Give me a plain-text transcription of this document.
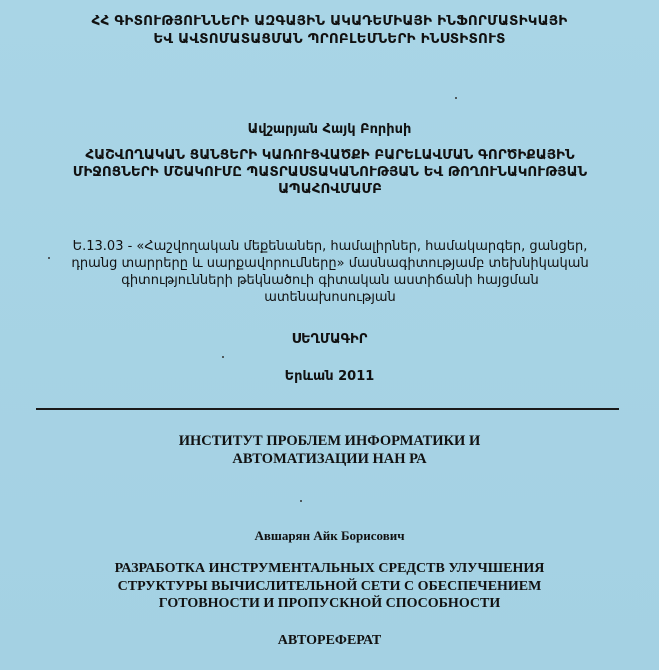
ՀՀ ԳԻՏՈՒԹՅՈՒՆՆԵՐԻ ԱԶԳԱՅԻՆ ԱԿԱԴԵՄԻԱՅԻ ԻՆՖՈՐՄԱՏԻԿԱՅԻ
ԵՎ ԱՎՏՈՄԱՏԱՑՄԱՆ ՊՐՈԲԼԵՄՆԵՐԻ ԻՆՍՏԻՏՈՒՏ
Ավշարյան Հայկ Բորիսի
ՀԱՇՎՈՂԱԿԱՆ ՑԱՆՑԵՐԻ ԿԱՌՈՒՑՎԱԾՔԻ ԲԱՐԵԼԱՎՄԱՆ ԳՈՐԾԻՔԱՅԻՆ
ՄԻՋՈՑՆԵՐԻ ՄՇԱԿՈՒՄԸ ՊԱՏՐԱՍՏԱԿԱՆՈՒԹՅԱՆ ԵՎ ԹՈՂՈՒՆԱԿՈՒԹՅԱՆ
ԱՊԱՀՈՎՄԱՄԲ
Ե.13.03 - «Հաշվողական մեքենաներ, համալիրներ, համակարգեր, ցանցեր,
դրանց տարրերը և սարքավորումները» մասնագիտությամբ տեխնիկական
գիտությունների թեկնածուի գիտական աստիճանի հայցման
ատենախոսության
ՍԵՂՄԱԳԻՐ
Երևան 2011
ИНСТИТУТ ПРОБЛЕМ ИНФОРМАТИКИ И
АВТОМАТИЗАЦИИ НАН РА
Авшарян Айк Борисович
РАЗРАБОТКА ИНСТРУМЕНТАЛЬНЫХ СРЕДСТВ УЛУЧШЕНИЯ
СТРУКТУРЫ ВЫЧИСЛИТЕЛЬНОЙ СЕТИ С ОБЕСПЕЧЕНИЕМ
ГОТОВНОСТИ И ПРОПУСКНОЙ СПОСОБНОСТИ
АВТОРЕФЕРАТ
